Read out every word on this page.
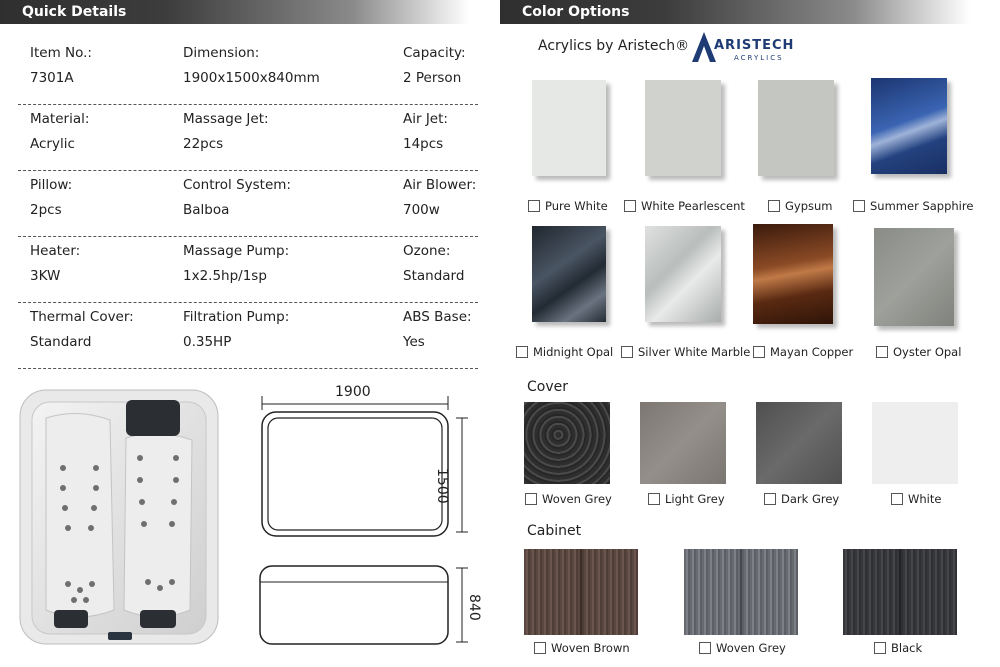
Quick Details	Color Options
Item No.:
7301A
Dimension:
1900x1500x840mm
Capacity:
2 Person
Material:
Acrylic
Massage Jet:
22pcs
Air Jet:
14pcs
Pillow:
2pcs
Control System:
Balboa
Air Blower:
700w
Heater:
3KW
Massage Pump:
1x2.5hp/1sp
Ozone:
Standard
Thermal Cover:
Standard
Filtration Pump:
0.35HP
ABS Base:
Yes
1900
1500
840
Acrylics by Aristech® ARISTECH
ACRYLICS
Pure White	White Pearlescent	Gypsum	Summer Sapphire
Midnight Opal Silver White Marble Mayan Copper	Oyster Opal
Cover
Woven Grey	Light Grey	Dark Grey	White
Cabinet
Woven Brown	Woven Grey	Black
